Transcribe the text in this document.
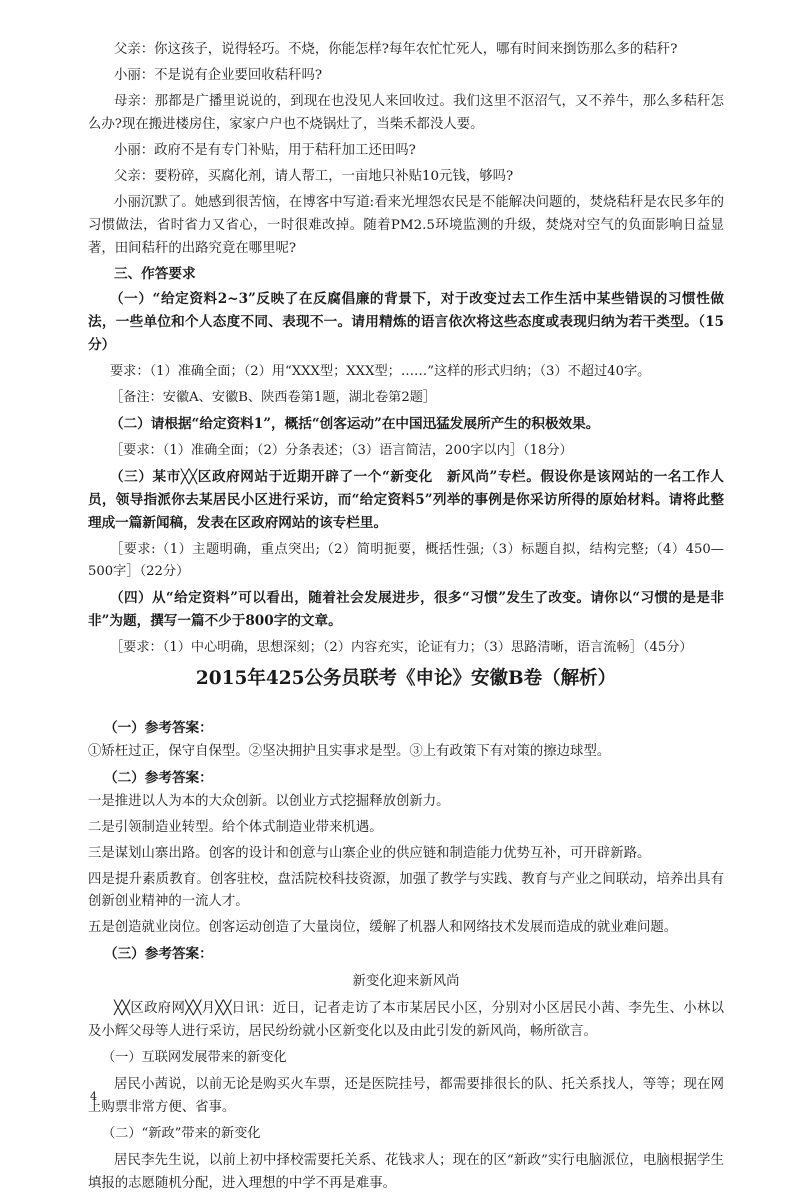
父亲：你这孩子，说得轻巧。不烧，你能怎样?每年农忙忙死人，哪有时间来捯饬那么多的秸秆?

小丽：不是说有企业要回收秸秆吗?

母亲：那都是广播里说说的，到现在也没见人来回收过。我们这里不沤沼气，又不养牛，那么多秸秆怎么办?现在搬进楼房住，家家户户也不烧锅灶了，当柴禾都没人要。

小丽：政府不是有专门补贴，用于秸秆加工还田吗?

父亲：要粉碎，买腐化剂，请人帮工，一亩地只补贴10元钱，够吗?

小丽沉默了。她感到很苦恼，在博客中写道:看来光埋怨农民是不能解决问题的，焚烧秸秆是农民多年的习惯做法，省时省力又省心，一时很难改掉。随着PM2.5环境监测的升级，焚烧对空气的负面影响日益显著，田间秸秆的出路究竟在哪里呢?

三、作答要求

（一）“给定资料2~3”反映了在反腐倡廉的背景下，对于改变过去工作生活中某些错误的习惯性做法，一些单位和个人态度不同、表现不一。请用精炼的语言依次将这些态度或表现归纳为若干类型。（15分）

要求：（1）准确全面；（2）用“XXX型；XXX型；……”这样的形式归纳；（3）不超过40字。

［备注：安徽A、安徽B、陕西卷第1题，湖北卷第2题］

（二）请根据“给定资料1”，概括“创客运动”在中国迅猛发展所产生的积极效果。

［要求：（1）准确全面；（2）分条表述；（3）语言简洁，200字以内］（18分）

（三）某市╳╳区政府网站于近期开辟了一个“新变化　新风尚”专栏。假设你是该网站的一名工作人员，领导指派你去某居民小区进行采访，而“给定资料5”列举的事例是你采访所得的原始材料。请将此整理成一篇新闻稿，发表在区政府网站的该专栏里。

［要求:（1）主题明确，重点突出;（2）简明扼要，概括性强;（3）标题自拟，结构完整;（4）450—500字］（22分）

（四）从“给定资料”可以看出，随着社会发展进步，很多“习惯”发生了改变。请你以“习惯的是是非非”为题，撰写一篇不少于800字的文章。

［要求：（1）中心明确，思想深刻；（2）内容充实，论证有力；（3）思路清晰，语言流畅］（45分）

2015年425公务员联考《申论》安徽B卷（解析）
（一）参考答案：

①矫枉过正，保守自保型。②坚决拥护且实事求是型。③上有政策下有对策的擦边球型。

（二）参考答案：

一是推进以人为本的大众创新。以创业方式挖掘释放创新力。

二是引领制造业转型。给个体式制造业带来机遇。

三是谋划山寨出路。创客的设计和创意与山寨企业的供应链和制造能力优势互补，可开辟新路。

四是提升素质教育。创客驻校，盘活院校科技资源，加强了教学与实践、教育与产业之间联动，培养出具有创新创业精神的一流人才。

五是创造就业岗位。创客运动创造了大量岗位，缓解了机器人和网络技术发展而造成的就业难问题。

（三）参考答案：
新变化迎来新风尚

╳╳区政府网╳╳月╳╳日讯：近日，记者走访了本市某居民小区，分别对小区居民小茜、李先生、小林以及小辉父母等人进行采访，居民纷纷就小区新变化以及由此引发的新风尚，畅所欲言。

（一）互联网发展带来的新变化

居民小茜说，以前无论是购买火车票，还是医院挂号，都需要排很长的队、托关系找人，等等；现在网上购票非常方便、省事。

（二）“新政”带来的新变化

居民李先生说，以前上初中择校需要托关系、花钱求人；现在的区“新政”实行电脑派位，电脑根据学生填报的志愿随机分配，进入理想的中学不再是难事。

4
